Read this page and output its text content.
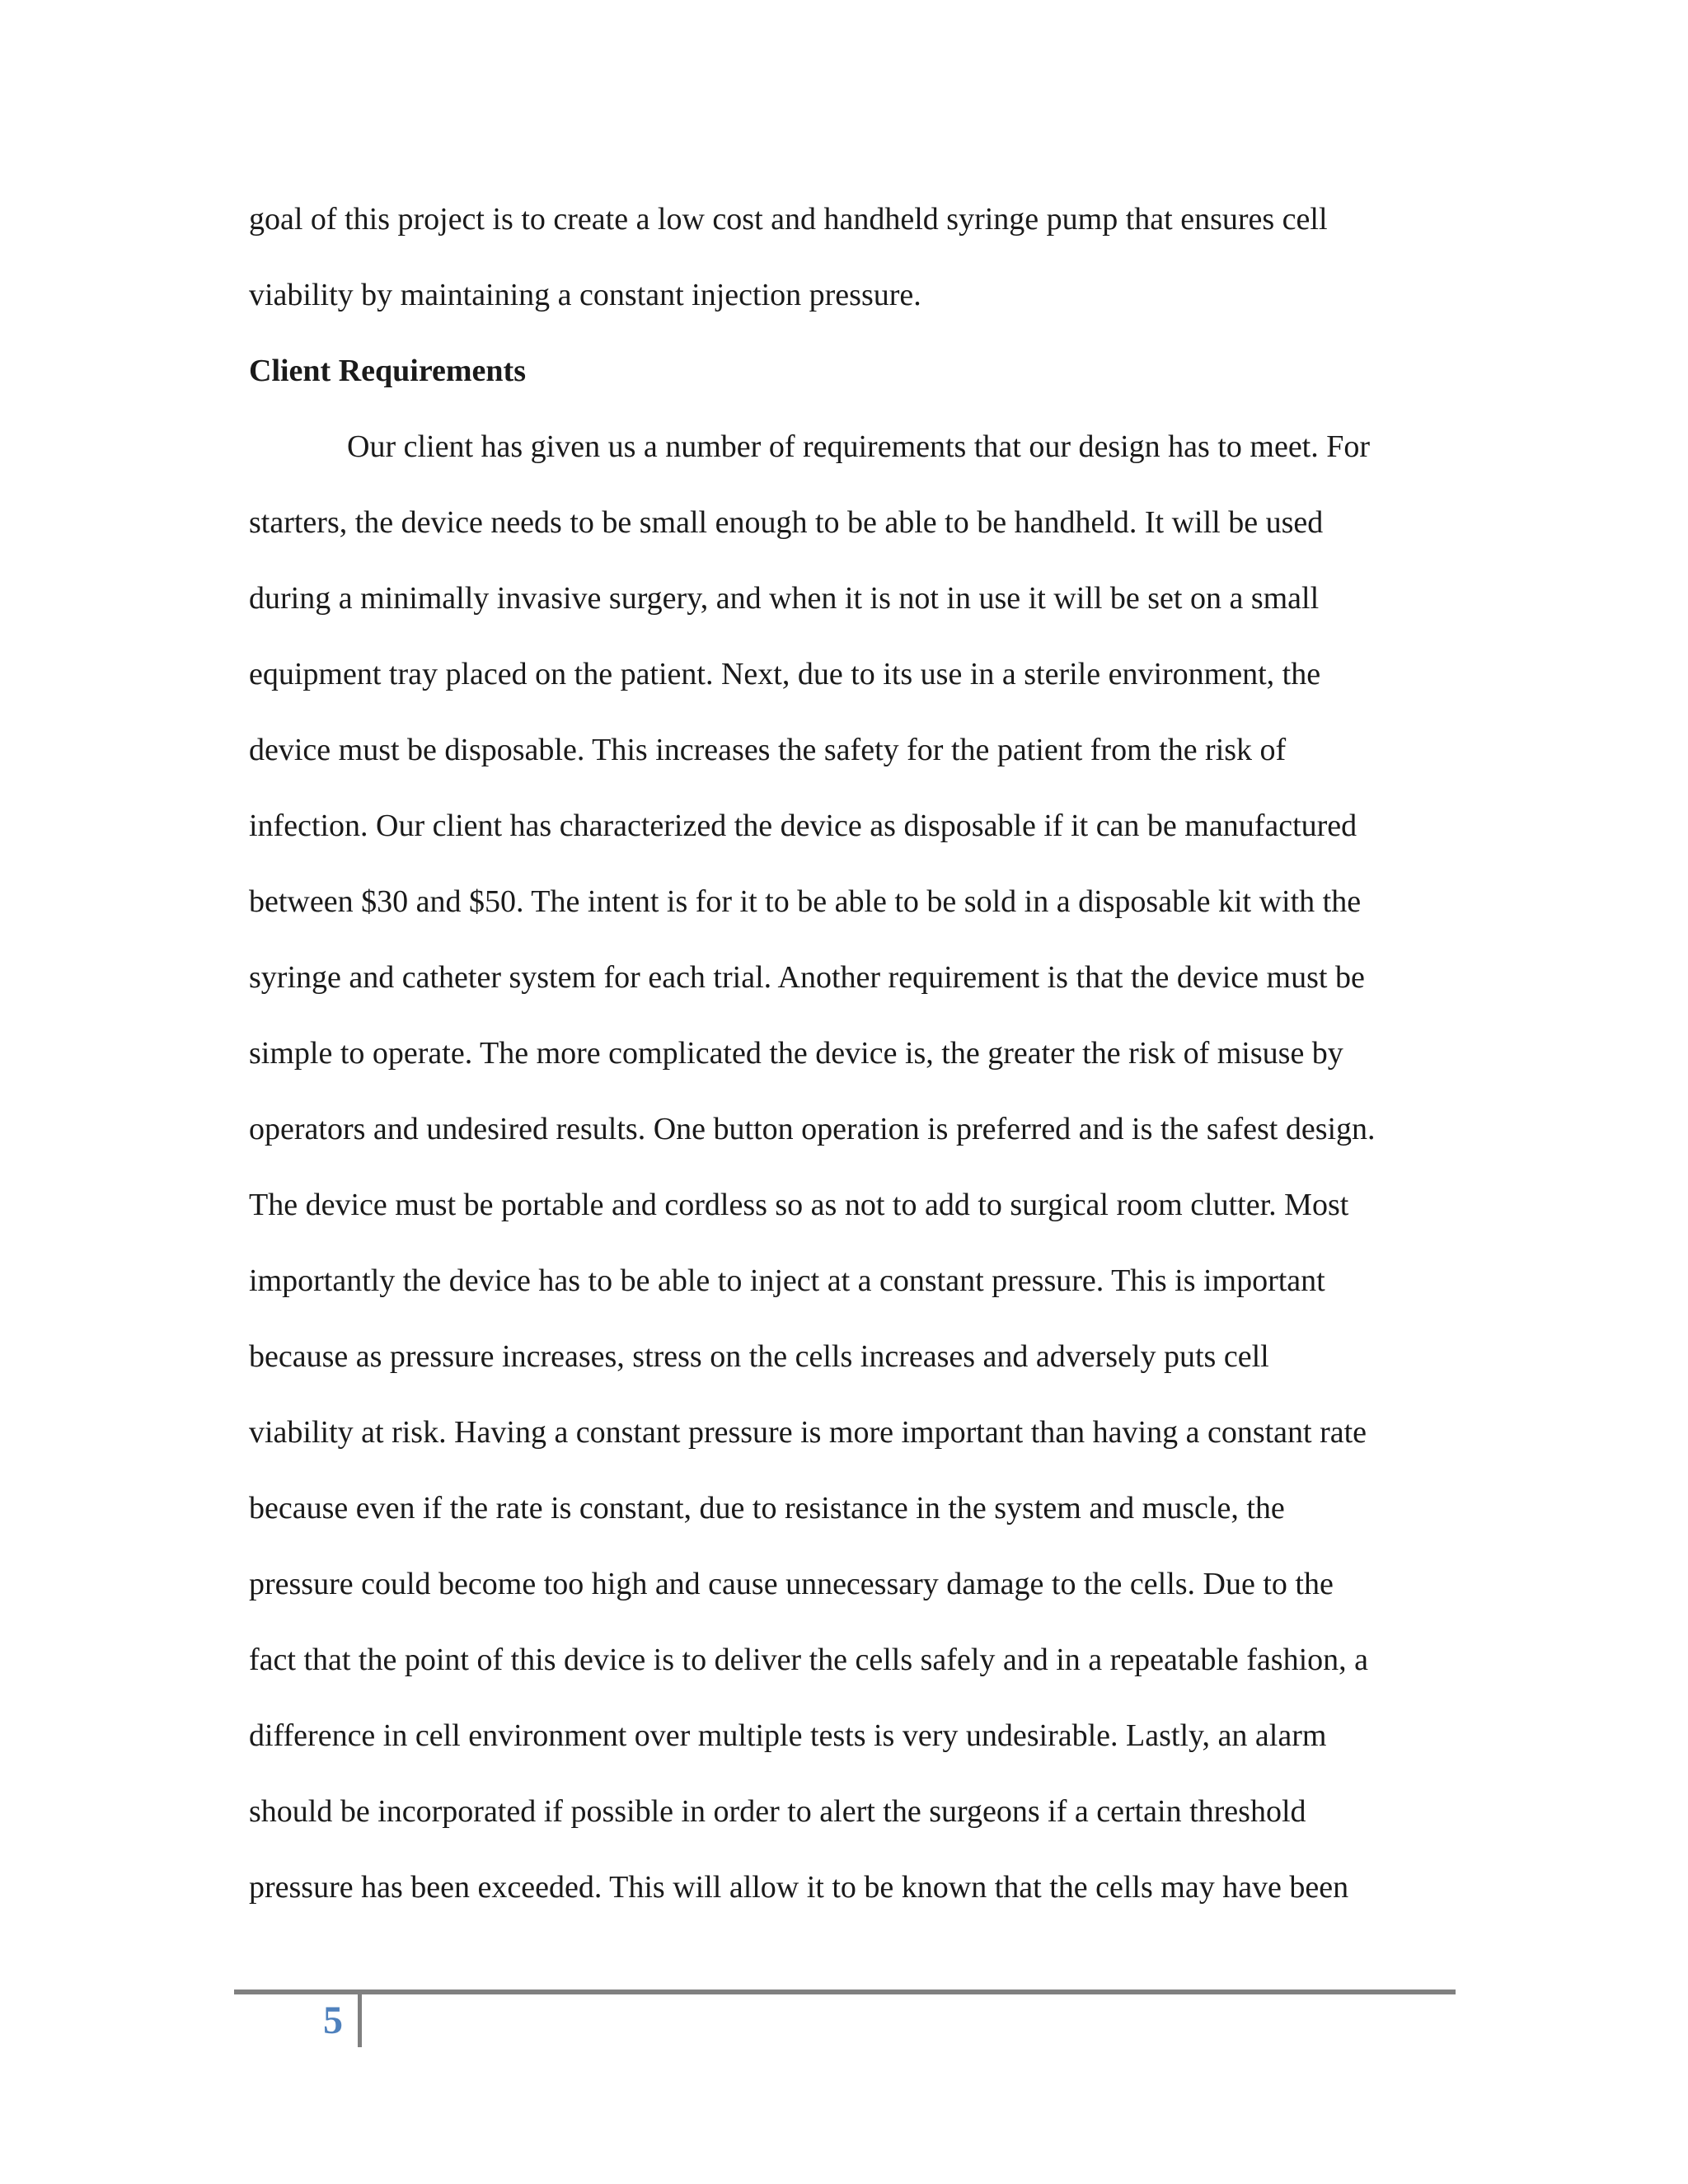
goal of this project is to create a low cost and handheld syringe pump that ensures cell
viability by maintaining a constant injection pressure.
Client Requirements
Our client has given us a number of requirements that our design has to meet. For
starters, the device needs to be small enough to be able to be handheld. It will be used
during a minimally invasive surgery, and when it is not in use it will be set on a small
equipment tray placed on the patient. Next, due to its use in a sterile environment, the
device must be disposable. This increases the safety for the patient from the risk of
infection. Our client has characterized the device as disposable if it can be manufactured
between $30 and $50. The intent is for it to be able to be sold in a disposable kit with the
syringe and catheter system for each trial. Another requirement is that the device must be
simple to operate. The more complicated the device is, the greater the risk of misuse by
operators and undesired results. One button operation is preferred and is the safest design.
The device must be portable and cordless so as not to add to surgical room clutter. Most
importantly the device has to be able to inject at a constant pressure. This is important
because as pressure increases, stress on the cells increases and adversely puts cell
viability at risk. Having a constant pressure is more important than having a constant rate
because even if the rate is constant, due to resistance in the system and muscle, the
pressure could become too high and cause unnecessary damage to the cells. Due to the
fact that the point of this device is to deliver the cells safely and in a repeatable fashion, a
difference in cell environment over multiple tests is very undesirable. Lastly, an alarm
should be incorporated if possible in order to alert the surgeons if a certain threshold
pressure has been exceeded. This will allow it to be known that the cells may have been
5
